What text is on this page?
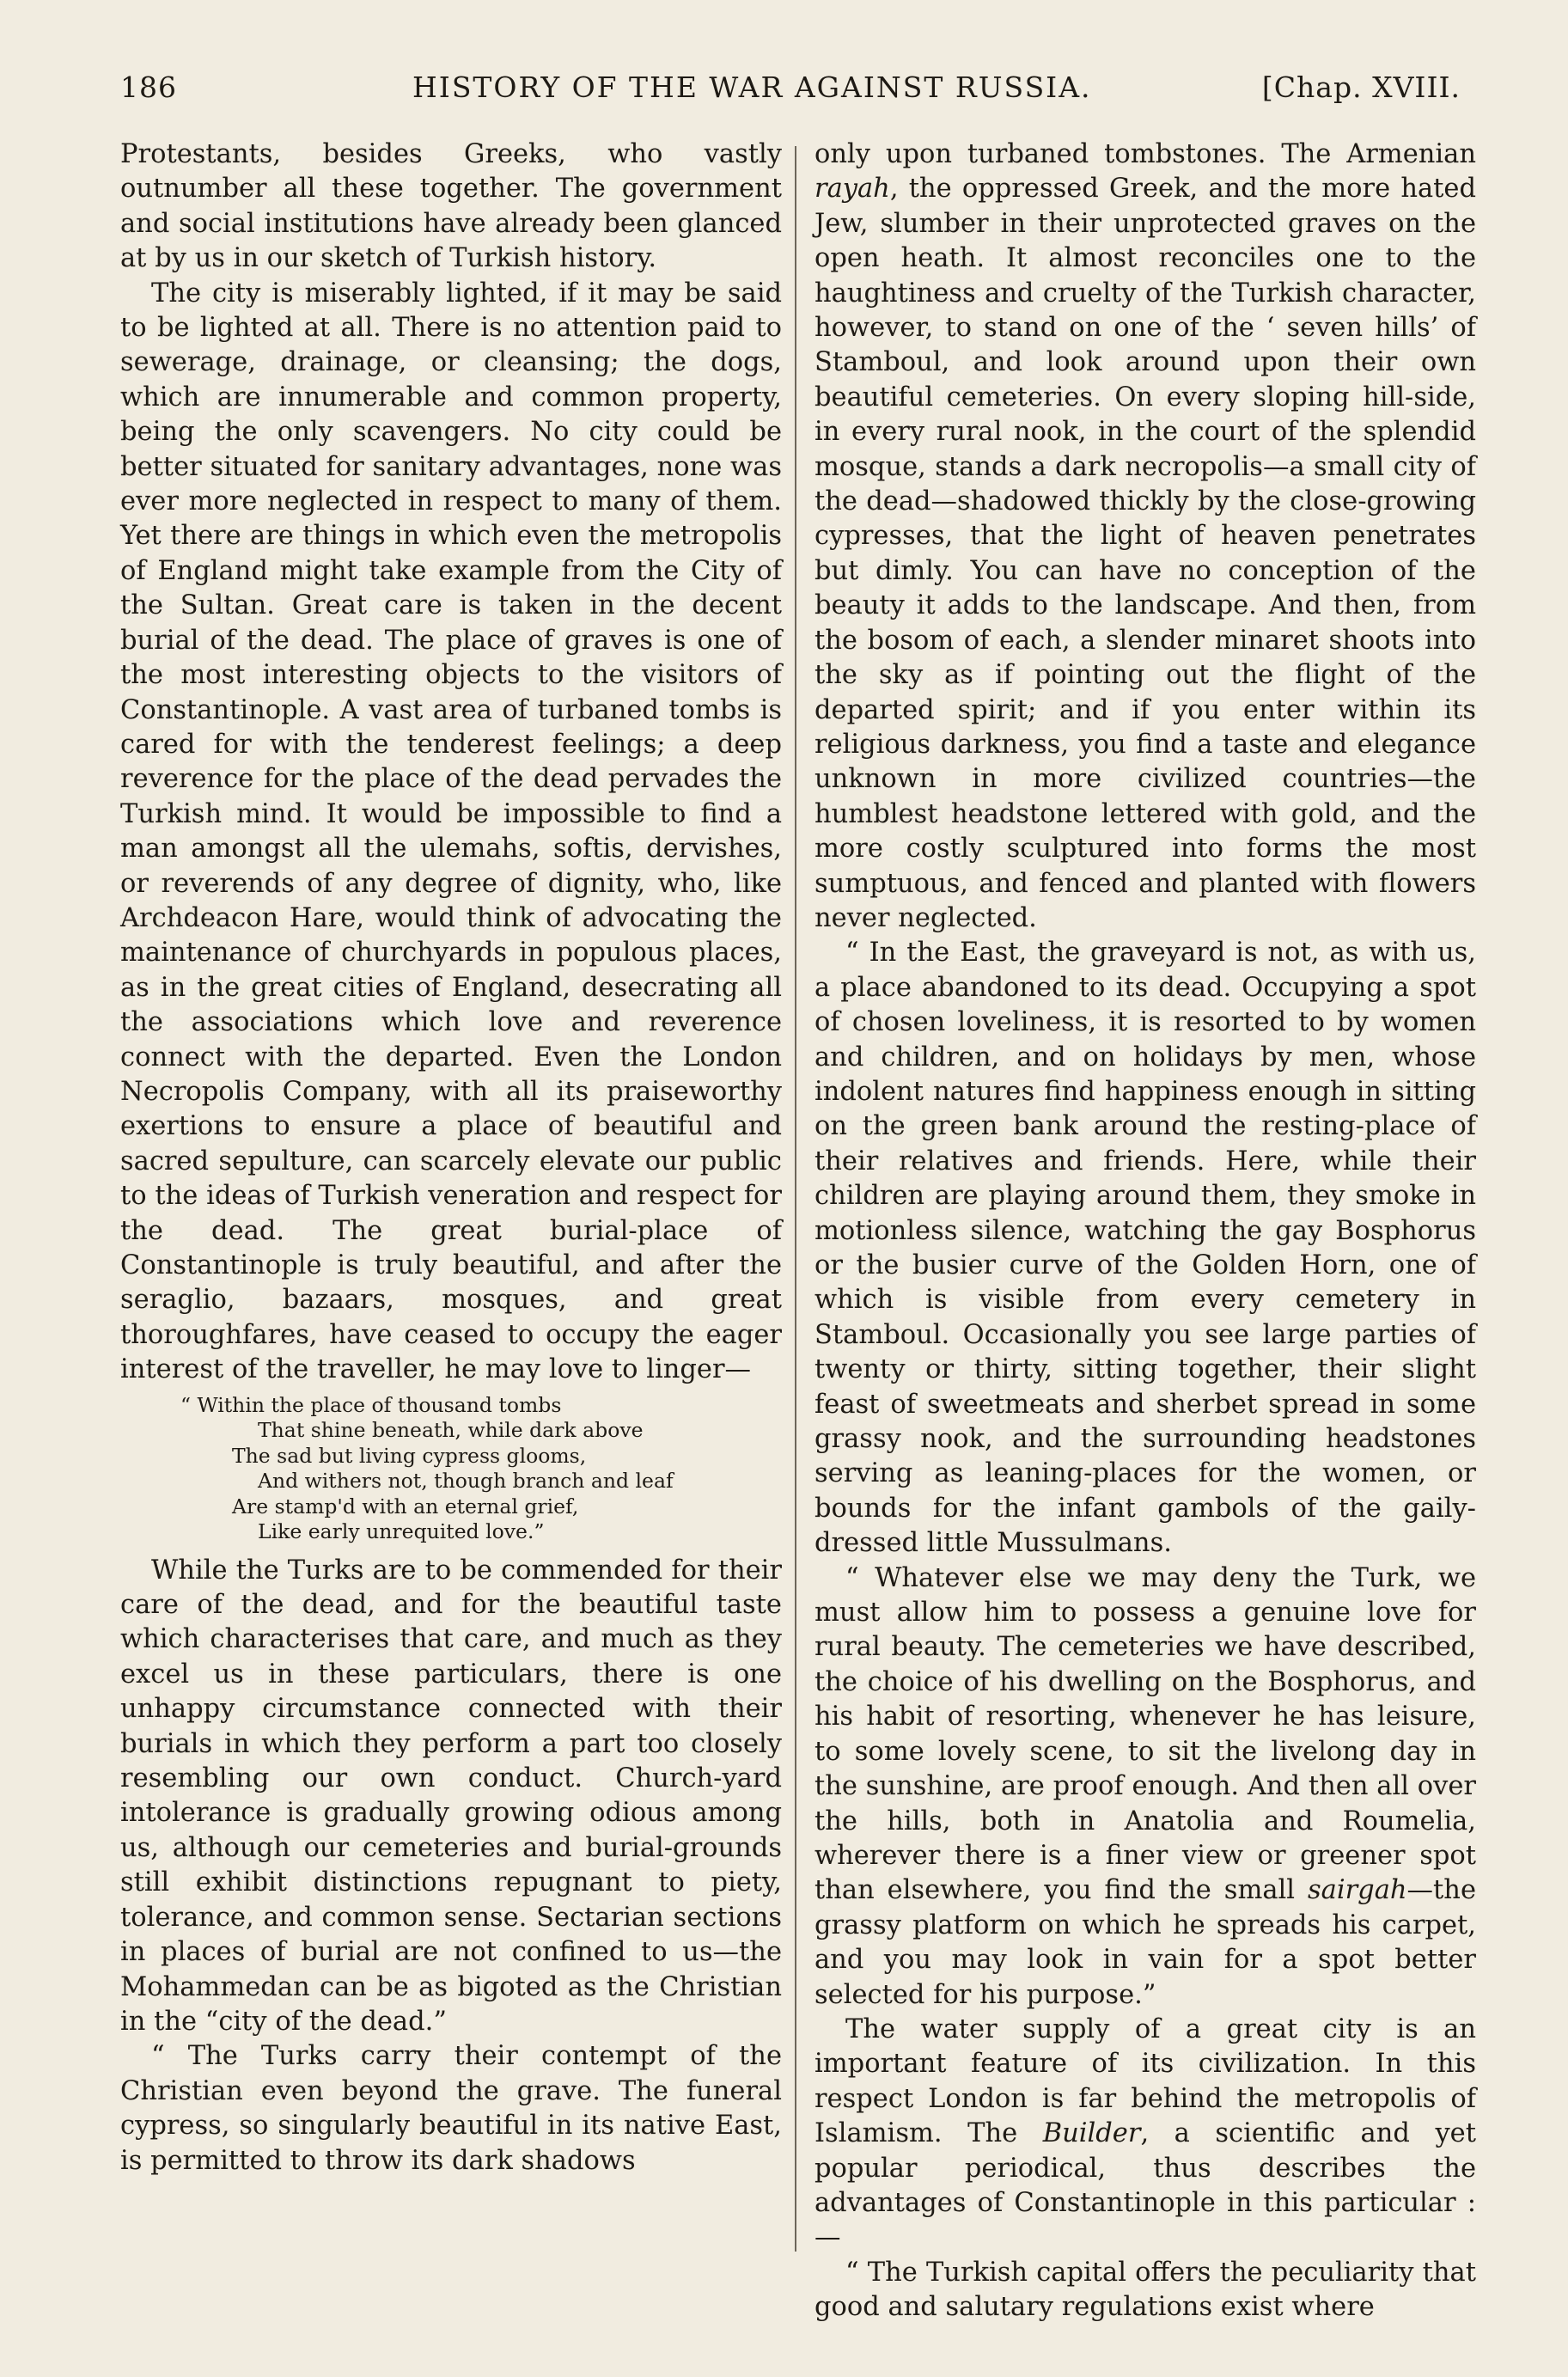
186	HISTORY OF THE WAR AGAINST RUSSIA.	[Chap. XVIII.

Protestants, besides Greeks, who vastly outnumber all these together. The government and social institutions have already been glanced at by us in our sketch of Turkish history.

The city is miserably lighted, if it may be said to be lighted at all. There is no attention paid to sewerage, drainage, or cleansing; the dogs, which are innumerable and common property, being the only scavengers. No city could be better situated for sanitary advantages, none was ever more neglected in respect to many of them. Yet there are things in which even the metropolis of England might take example from the City of the Sultan. Great care is taken in the decent burial of the dead. The place of graves is one of the most interesting objects to the visitors of Constantinople. A vast area of turbaned tombs is cared for with the tenderest feelings; a deep reverence for the place of the dead pervades the Turkish mind. It would be impossible to find a man amongst all the ulemahs, softis, dervishes, or reverends of any degree of dignity, who, like Archdeacon Hare, would think of advocating the maintenance of churchyards in populous places, as in the great cities of England, desecrating all the associations which love and reverence connect with the departed. Even the London Necropolis Company, with all its praiseworthy exertions to ensure a place of beautiful and sacred sepulture, can scarcely elevate our public to the ideas of Turkish veneration and respect for the dead. The great burial-place of Constantinople is truly beautiful, and after the seraglio, bazaars, mosques, and great thoroughfares, have ceased to occupy the eager interest of the traveller, he may love to linger—

“ Within the place of thousand tombs
That shine beneath, while dark above
The sad but living cypress glooms,
And withers not, though branch and leaf
Are stamp'd with an eternal grief,
Like early unrequited love.”

While the Turks are to be commended for their care of the dead, and for the beautiful taste which characterises that care, and much as they excel us in these particulars, there is one unhappy circumstance connected with their burials in which they perform a part too closely resembling our own conduct. Church-yard intolerance is gradually growing odious among us, although our cemeteries and burial-grounds still exhibit distinctions repugnant to piety, tolerance, and common sense. Sectarian sections in places of burial are not confined to us—the Mohammedan can be as bigoted as the Christian in the “city of the dead.”

“ The Turks carry their contempt of the Christian even beyond the grave. The funeral cypress, so singularly beautiful in its native East, is permitted to throw its dark shadows

only upon turbaned tombstones. The Armenian rayah, the oppressed Greek, and the more hated Jew, slumber in their unprotected graves on the open heath. It almost reconciles one to the haughtiness and cruelty of the Turkish character, however, to stand on one of the ‘ seven hills’ of Stamboul, and look around upon their own beautiful cemeteries. On every sloping hill-side, in every rural nook, in the court of the splendid mosque, stands a dark necropolis—a small city of the dead—shadowed thickly by the close-growing cypresses, that the light of heaven penetrates but dimly. You can have no conception of the beauty it adds to the landscape. And then, from the bosom of each, a slender minaret shoots into the sky as if pointing out the flight of the departed spirit; and if you enter within its religious darkness, you find a taste and elegance unknown in more civilized countries—the humblest headstone lettered with gold, and the more costly sculptured into forms the most sumptuous, and fenced and planted with flowers never neglected.

“ In the East, the graveyard is not, as with us, a place abandoned to its dead. Occupying a spot of chosen loveliness, it is resorted to by women and children, and on holidays by men, whose indolent natures find happiness enough in sitting on the green bank around the resting-place of their relatives and friends. Here, while their children are playing around them, they smoke in motionless silence, watching the gay Bosphorus or the busier curve of the Golden Horn, one of which is visible from every cemetery in Stamboul. Occasionally you see large parties of twenty or thirty, sitting together, their slight feast of sweetmeats and sherbet spread in some grassy nook, and the surrounding headstones serving as leaning-places for the women, or bounds for the infant gambols of the gaily-dressed little Mussulmans.

“ Whatever else we may deny the Turk, we must allow him to possess a genuine love for rural beauty. The cemeteries we have described, the choice of his dwelling on the Bosphorus, and his habit of resorting, whenever he has leisure, to some lovely scene, to sit the livelong day in the sunshine, are proof enough. And then all over the hills, both in Anatolia and Roumelia, wherever there is a finer view or greener spot than elsewhere, you find the small sairgah—the grassy platform on which he spreads his carpet, and you may look in vain for a spot better selected for his purpose.”

The water supply of a great city is an important feature of its civilization. In this respect London is far behind the metropolis of Islamism. The Builder, a scientific and yet popular periodical, thus describes the advantages of Constantinople in this particular :—

“ The Turkish capital offers the peculiarity that good and salutary regulations exist where
